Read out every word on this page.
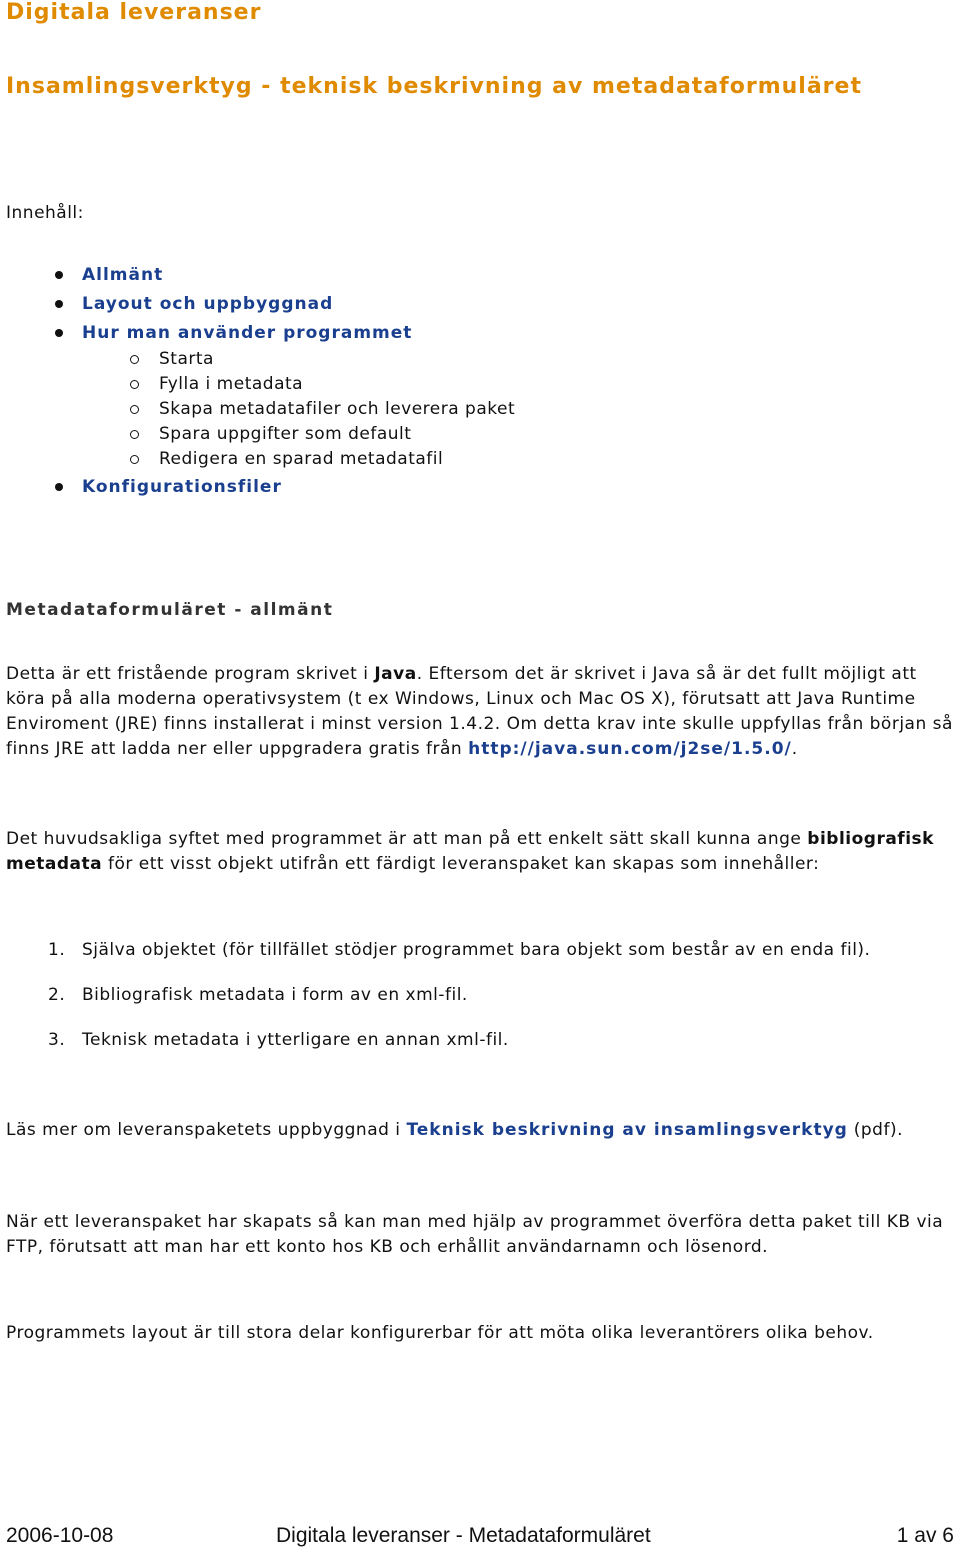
Digitala leveranser
Insamlingsverktyg - teknisk beskrivning av metadataformuläret
Innehåll:
Allmänt
Layout och uppbyggnad
Hur man använder programmet
Starta
Fylla i metadata
Skapa metadatafiler och leverera paket
Spara uppgifter som default
Redigera en sparad metadatafil
Konfigurationsfiler
Metadataformuläret - allmänt

Detta är ett fristående program skrivet i Java. Eftersom det är skrivet i Java så är det fullt möjligt att köra på alla moderna operativsystem (t ex Windows, Linux och Mac OS X), förutsatt att Java Runtime Enviroment (JRE) finns installerat i minst version 1.4.2. Om detta krav inte skulle uppfyllas från början så finns JRE att ladda ner eller uppgradera gratis från http://java.sun.com/j2se/1.5.0/.

Det huvudsakliga syftet med programmet är att man på ett enkelt sätt skall kunna ange bibliografisk metadata för ett visst objekt utifrån ett färdigt leveranspaket kan skapas som innehåller:

1. Själva objektet (för tillfället stödjer programmet bara objekt som består av en enda fil).
2. Bibliografisk metadata i form av en xml-fil.
3. Teknisk metadata i ytterligare en annan xml-fil.

Läs mer om leveranspaketets uppbyggnad i Teknisk beskrivning av insamlingsverktyg (pdf).

När ett leveranspaket har skapats så kan man med hjälp av programmet överföra detta paket till KB via FTP, förutsatt att man har ett konto hos KB och erhållit användarnamn och lösenord.

Programmets layout är till stora delar konfigurerbar för att möta olika leverantörers olika behov.

2006-10-08	Digitala leveranser - Metadataformuläret	1 av 6
